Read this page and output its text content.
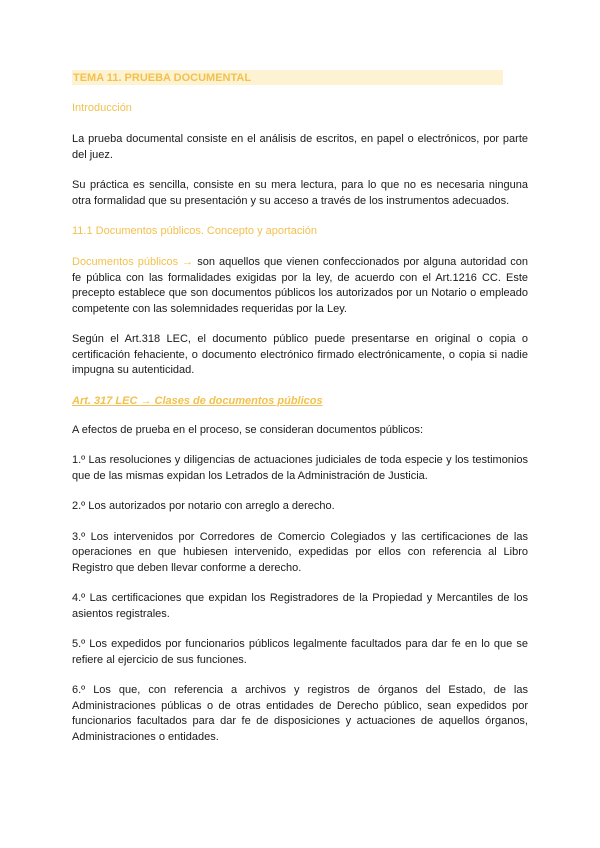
TEMA 11. PRUEBA DOCUMENTAL
Introducción

La prueba documental consiste en el análisis de escritos, en papel o electrónicos, por parte del juez.

Su práctica es sencilla, consiste en su mera lectura, para lo que no es necesaria ninguna otra formalidad que su presentación y su acceso a través de los instrumentos adecuados.

11.1 Documentos públicos. Concepto y aportación

Documentos públicos → son aquellos que vienen confeccionados por alguna autoridad con fe pública con las formalidades exigidas por la ley, de acuerdo con el Art.1216 CC. Este precepto establece que son documentos públicos los autorizados por un Notario o empleado competente con las solemnidades requeridas por la Ley.

Según el Art.318 LEC, el documento público puede presentarse en original o copia o certificación fehaciente, o documento electrónico firmado electrónicamente, o copia si nadie impugna su autenticidad.

Art. 317 LEC → Clases de documentos públicos

A efectos de prueba en el proceso, se consideran documentos públicos:

1.º Las resoluciones y diligencias de actuaciones judiciales de toda especie y los testimonios que de las mismas expidan los Letrados de la Administración de Justicia.

2.º Los autorizados por notario con arreglo a derecho.

3.º Los intervenidos por Corredores de Comercio Colegiados y las certificaciones de las operaciones en que hubiesen intervenido, expedidas por ellos con referencia al Libro Registro que deben llevar conforme a derecho.

4.º Las certificaciones que expidan los Registradores de la Propiedad y Mercantiles de los asientos registrales.

5.º Los expedidos por funcionarios públicos legalmente facultados para dar fe en lo que se refiere al ejercicio de sus funciones.

6.º Los que, con referencia a archivos y registros de órganos del Estado, de las Administraciones públicas o de otras entidades de Derecho público, sean expedidos por funcionarios facultados para dar fe de disposiciones y actuaciones de aquellos órganos, Administraciones o entidades.
